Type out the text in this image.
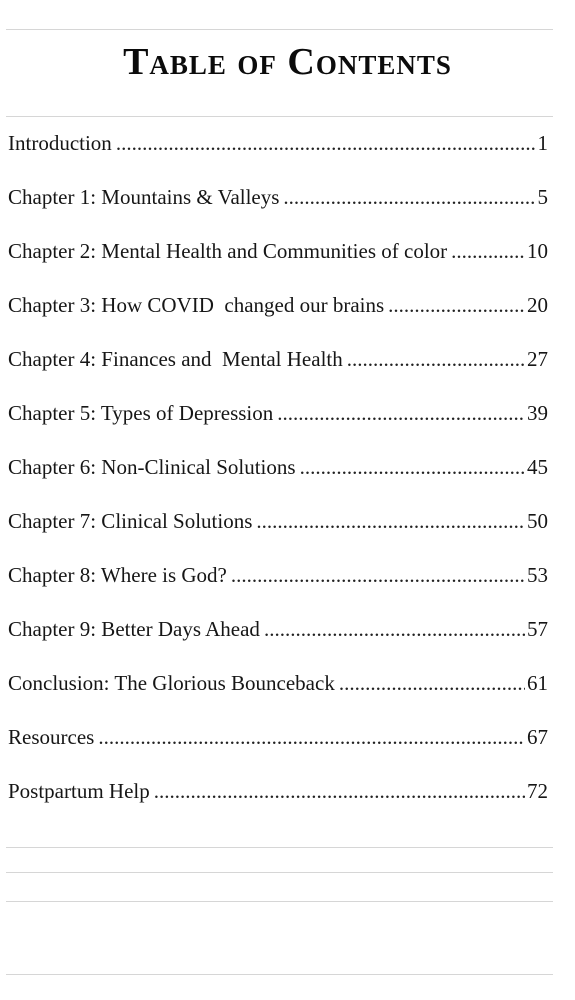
Table of Contents
Introduction .....	1
Chapter 1: Mountains & Valleys .....	5
Chapter 2: Mental Health and Communities of color .....	10
Chapter 3: How COVID  changed our brains .....	20
Chapter 4: Finances and  Mental Health .....	27
Chapter 5: Types of Depression .....	39
Chapter 6: Non-Clinical Solutions .....	45
Chapter 7: Clinical Solutions .....	50
Chapter 8: Where is God? .....	53
Chapter 9: Better Days Ahead .....	57
Conclusion: The Glorious Bounceback .....	61
Resources .....	67
Postpartum Help .....	72
